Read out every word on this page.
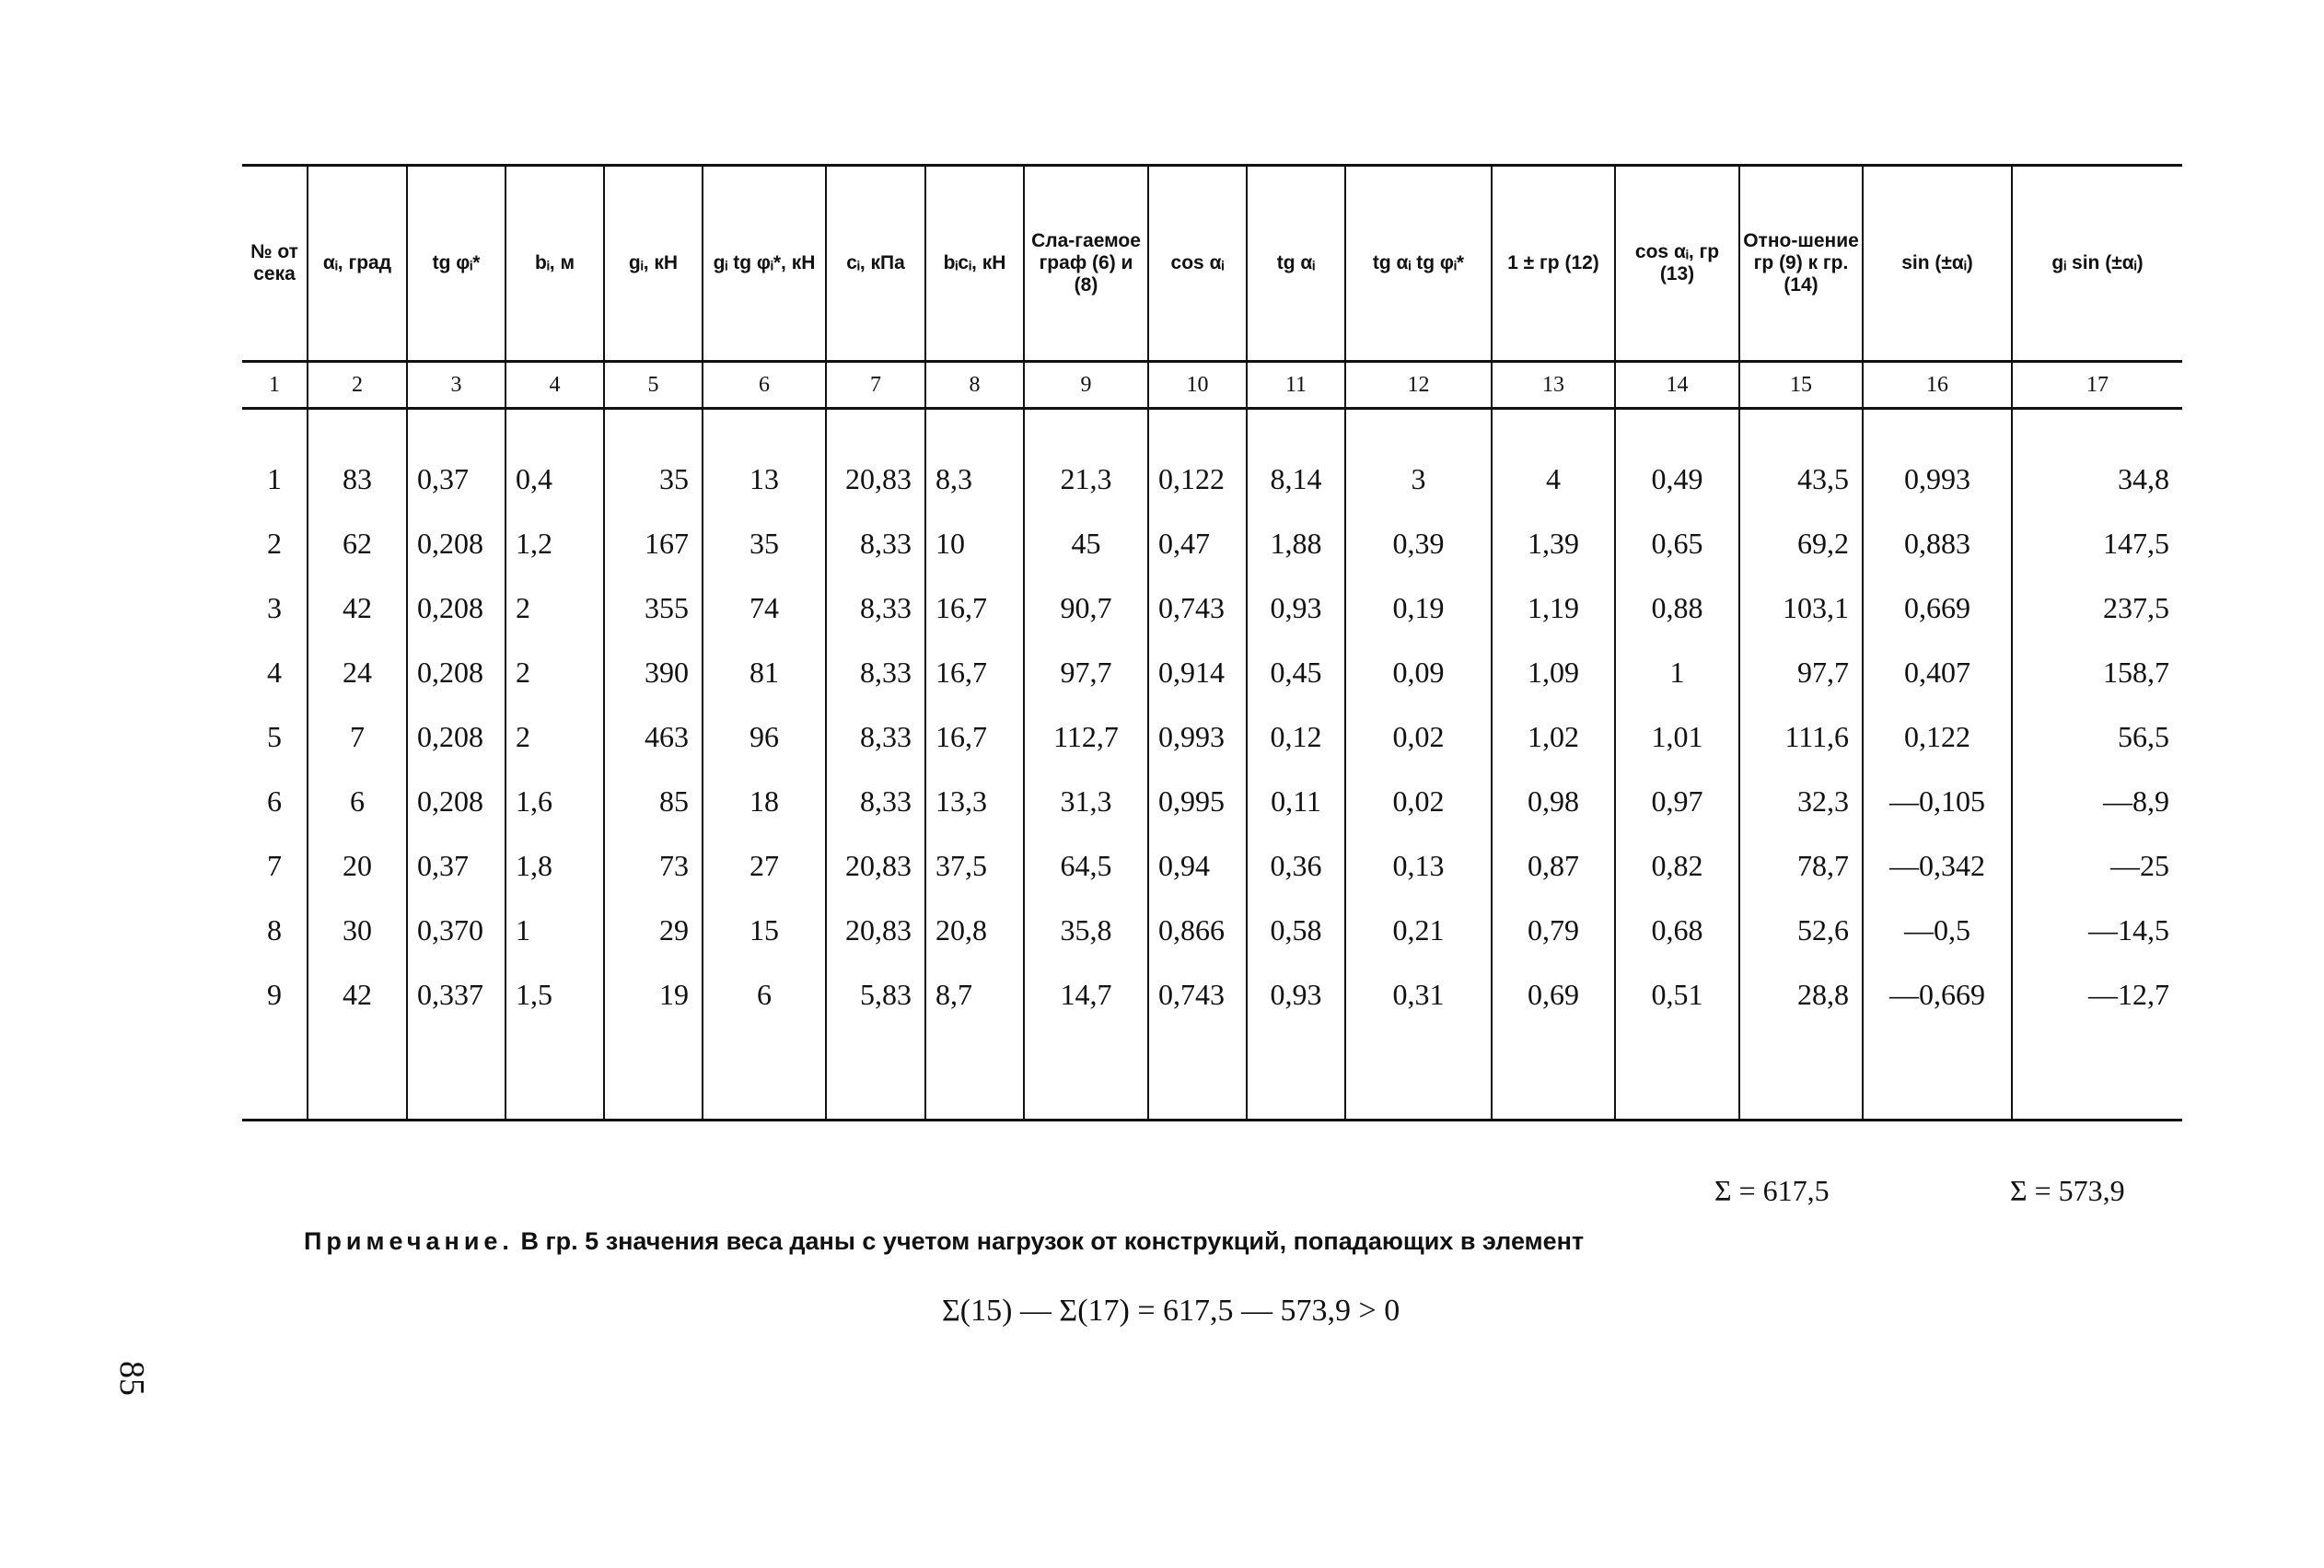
№ от сека	αᵢ, град	tg φᵢ*	bᵢ, м	gᵢ, кН	gᵢ tg φᵢ*, кН	cᵢ, кПа	bᵢcᵢ, кН	Сла-гаемое граф (6) и (8)	cos αᵢ	tg αᵢ	tg αᵢ tg φᵢ*	1 ± гр (12)	cos αᵢ, гр (13)	Отно-шение гр (9) к гр. (14)	sin (±αᵢ)	gᵢ sin (±αᵢ)
1	2	3	4	5	6	7	8	9	10	11	12	13	14	15	16	17

1	83	0,37	0,4	35	13	20,83	8,3	21,3	0,122	8,14	3	4	0,49	43,5	0,993	34,8
2	62	0,208	1,2	167	35	8,33	10	45	0,47	1,88	0,39	1,39	0,65	69,2	0,883	147,5
3	42	0,208	2	355	74	8,33	16,7	90,7	0,743	0,93	0,19	1,19	0,88	103,1	0,669	237,5
4	24	0,208	2	390	81	8,33	16,7	97,7	0,914	0,45	0,09	1,09	1	97,7	0,407	158,7
5	7	0,208	2	463	96	8,33	16,7	112,7	0,993	0,12	0,02	1,02	1,01	111,6	0,122	56,5
6	6	0,208	1,6	85	18	8,33	13,3	31,3	0,995	0,11	0,02	0,98	0,97	32,3	—0,105	—8,9
7	20	0,37	1,8	73	27	20,83	37,5	64,5	0,94	0,36	0,13	0,87	0,82	78,7	—0,342	—25
8	30	0,370	1	29	15	20,83	20,8	35,8	0,866	0,58	0,21	0,79	0,68	52,6	—0,5	—14,5
9	42	0,337	1,5	19	6	5,83	8,7	14,7	0,743	0,93	0,31	0,69	0,51	28,8	—0,669	—12,7

Σ = 617,5	Σ = 573,9
Примечание. В гр. 5 значения веса даны с учетом нагрузок от конструкций, попадающих в элемент
Σ(15) — Σ(17) = 617,5 — 573,9 > 0
85
